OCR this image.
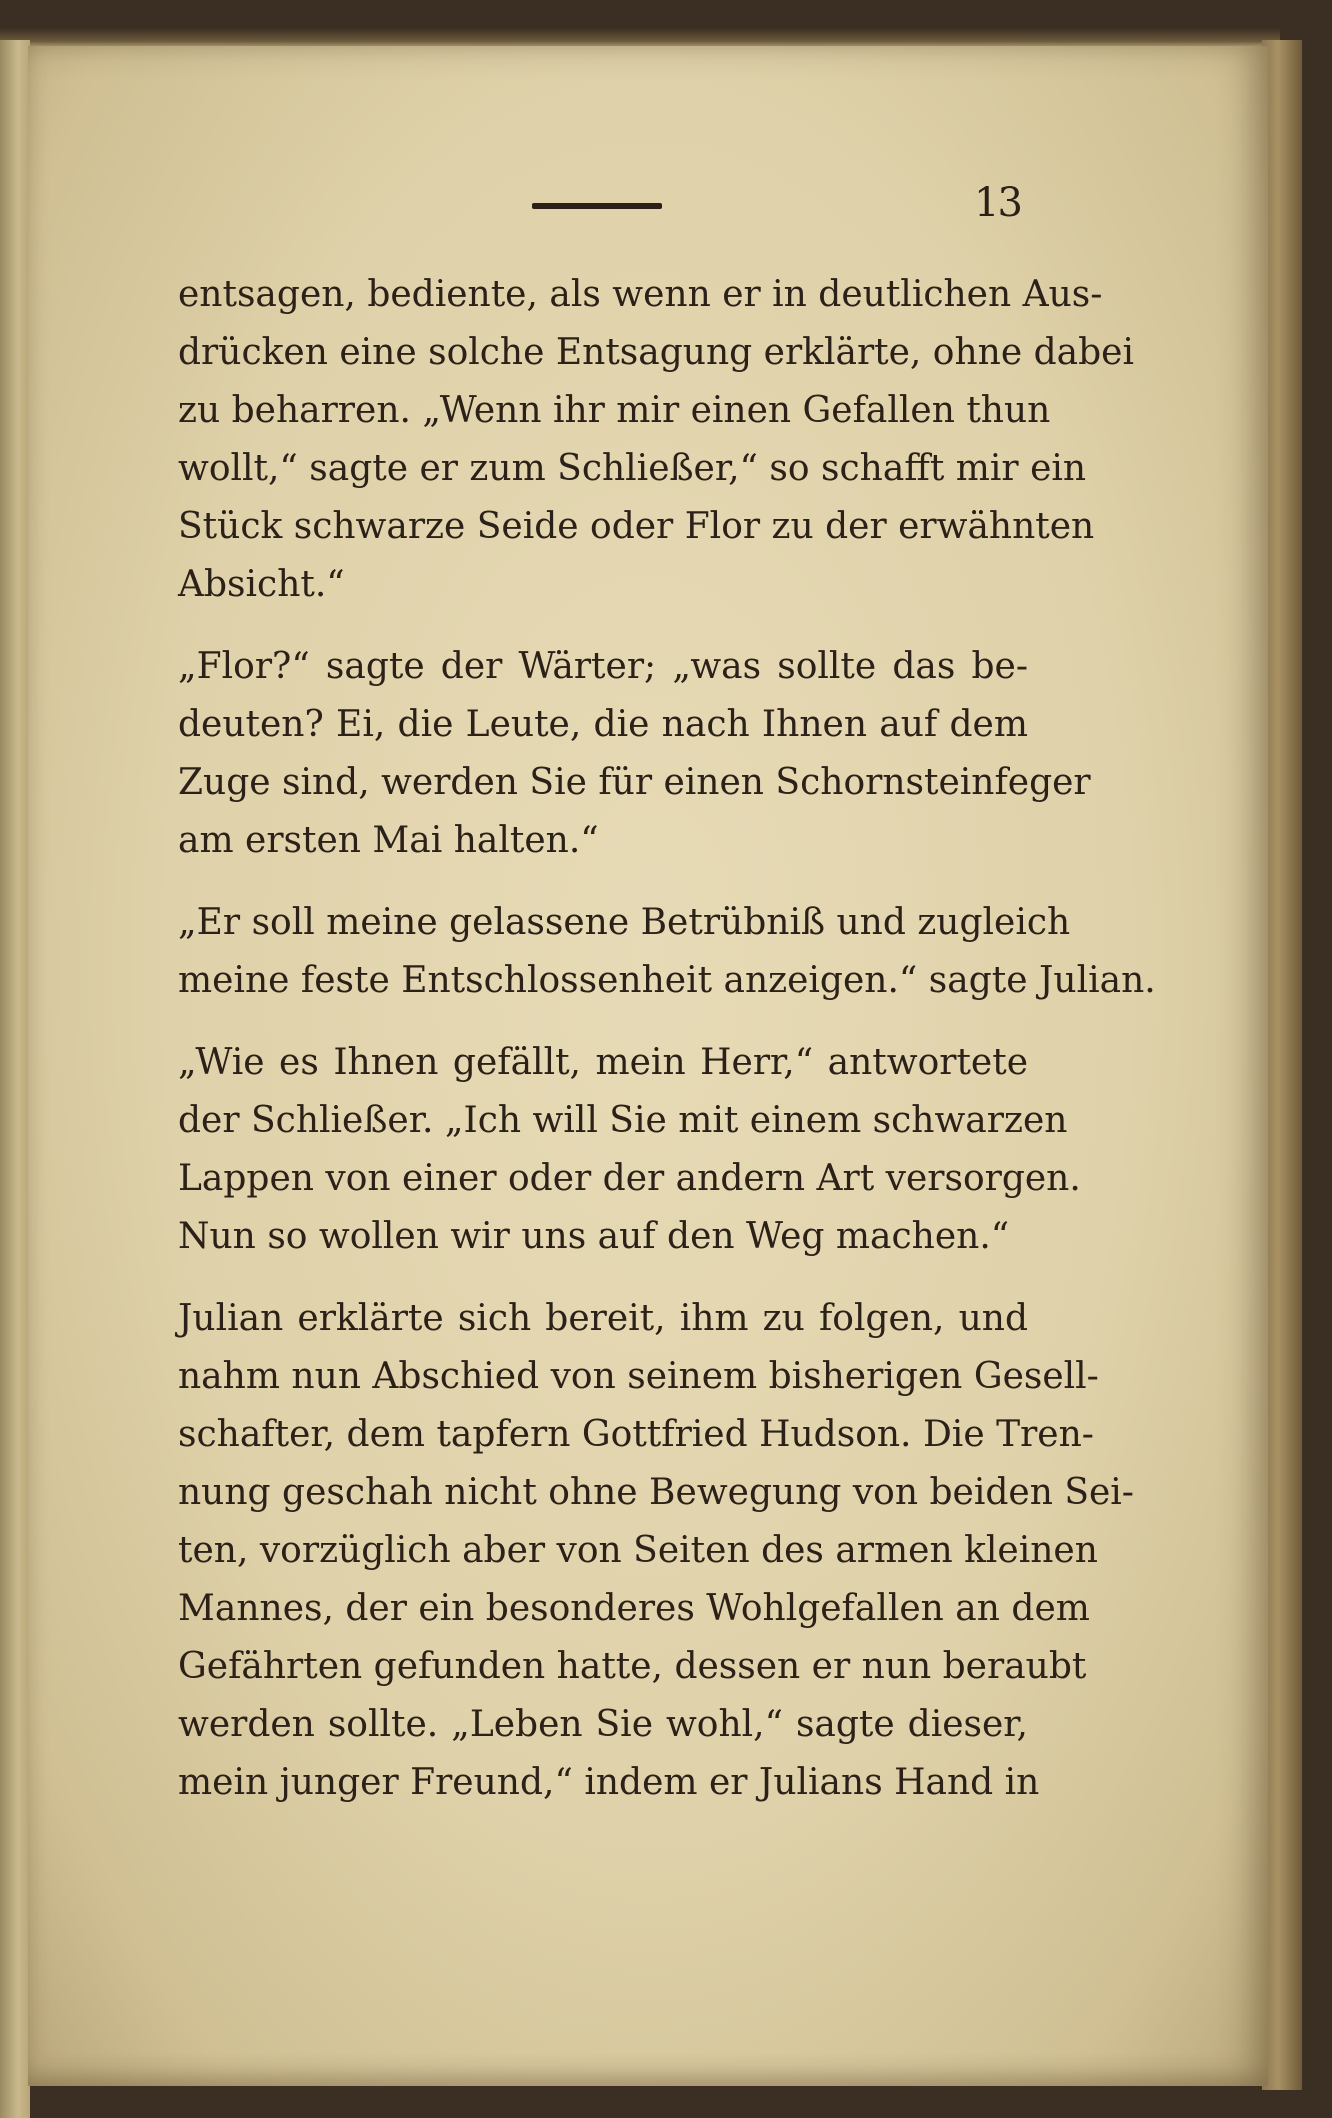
13
entsagen, bediente, als wenn er in deutlichen Aus-
drücken eine solche Entsagung erklärte, ohne dabei
zu beharren. „Wenn ihr mir einen Gefallen thun
wollt,“ sagte er zum Schließer,“ so schafft mir ein
Stück schwarze Seide oder Flor zu der erwähnten
Absicht.“
„Flor?“ sagte der Wärter; „was sollte das be-
deuten? Ei, die Leute, die nach Ihnen auf dem
Zuge sind, werden Sie für einen Schornsteinfeger
am ersten Mai halten.“
„Er soll meine gelassene Betrübniß und zugleich
meine feste Entschlossenheit anzeigen.“ sagte Julian.
„Wie es Ihnen gefällt, mein Herr,“ antwortete
der Schließer. „Ich will Sie mit einem schwarzen
Lappen von einer oder der andern Art versorgen.
Nun so wollen wir uns auf den Weg machen.“
Julian erklärte sich bereit, ihm zu folgen, und
nahm nun Abschied von seinem bisherigen Gesell-
schafter, dem tapfern Gottfried Hudson. Die Tren-
nung geschah nicht ohne Bewegung von beiden Sei-
ten, vorzüglich aber von Seiten des armen kleinen
Mannes, der ein besonderes Wohlgefallen an dem
Gefährten gefunden hatte, dessen er nun beraubt
werden sollte. „Leben Sie wohl,“ sagte dieser,
mein junger Freund,“ indem er Julians Hand in
